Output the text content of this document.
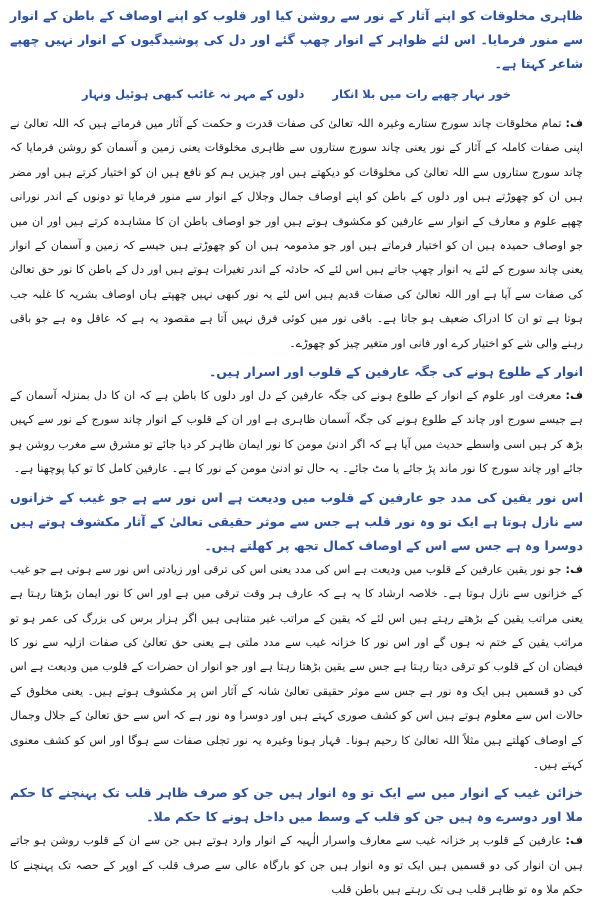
ظاہری مخلوقات کو اپنے آثار کے نور سے روشن کیا اور قلوب کو اپنے اوصاف کے باطن کے انوار سے منور فرمایا۔ اس لئے ظواہر کے انوار چھپ گئے اور دل کی پوشیدگیوں کے انوار نہیں چھپے شاعر کہتا ہے۔

خور نہار چھپے رات میں بلا انکار
دلوں کے مہر نہ غائب کبھی ہوئیل ونہار

ف:تمام مخلوقات چاند سورج ستارے وغیرہ اللہ تعالیٰ کی صفات قدرت و حکمت کے آثار میں فرماتے ہیں کہ اللہ تعالیٰ نے اپنی صفات کاملہ کے آثار کے نور یعنی چاند سورج ستاروں سے ظاہری مخلوقات یعنی زمین و آسمان کو روشن فرمایا کہ چاند سورج ستاروں سے اللہ تعالیٰ کی مخلوقات کو دیکھتے ہیں اور چیزیں ہم کو نافع ہیں ان کو اختیار کرتے ہیں اور مضر ہیں ان کو چھوڑتے ہیں اور دلوں کے باطن کو اپنے اوصاف جمال وجلال کے انوار سے منور فرمایا تو دونوں کے اندر نورانی چھپے علوم و معارف کے انوار سے عارفین کو مکشوف ہوتے ہیں اور جو اوصاف باطن ان کا مشاہدہ کرتے ہیں اور ان میں جو اوصاف حمیدہ ہیں ان کو اختیار فرماتے ہیں اور جو مذمومہ ہیں ان کو چھوڑتے ہیں جیسے کہ زمین و آسمان کے انوار یعنی چاند سورج کے لئے یہ انوار چھپ جاتے ہیں اس لئے کہ حادثہ کے اندر تغیرات ہوتے ہیں اور دل کے باطن کا نور حق تعالیٰ کی صفات سے آیا ہے اور اللہ تعالیٰ کی صفات قدیم ہیں اس لئے یہ نور کبھی نہیں چھپتے ہاں اوصاف بشریہ کا غلبہ جب ہوتا ہے تو ان کا ادراک ضعیف ہو جاتا ہے۔ باقی نور میں کوئی فرق نہیں آتا ہے مقصود یہ ہے کہ عاقل وہ ہے جو باقی رہنے والی شے کو اختیار کرے اور فانی اور متغیر چیز کو چھوڑے۔

انوار کے طلوع ہونے کی جگہ عارفین کے قلوب اور اسرار ہیں۔

ف:معرفت اور علوم کے انوار کے طلوع ہونے کی جگہ عارفین کے دل اور دلوں کا باطن ہے کہ ان کا دل بمنزلہ آسمان کے ہے جیسے سورج اور چاند کے طلوع ہونے کی جگہ آسمان ظاہری ہے اور ان کے قلوب کے انوار چاند سورج کے نور سے کہیں بڑھ کر ہیں اسی واسطے حدیث میں آیا ہے کہ اگر ادنیٰ مومن کا نور ایمان ظاہر کر دیا جائے تو مشرق سے مغرب روشن ہو جائے اور چاند سورج کا نور ماند پڑ جائے یا مٹ جائے۔ یہ حال تو ادنیٰ مومن کے نور کا ہے۔ عارفین کامل کا تو کیا پوچھنا ہے۔

اس نور یقین کی مدد جو عارفین کے قلوب میں ودیعت ہے اس نور سے ہے جو غیب کے خزانوں سے نازل ہوتا ہے ایک تو وہ نور قلب ہے جس سے موثر حقیقی تعالیٰ کے آثار مکشوف ہوتے ہیں دوسرا وہ ہے جس سے اس کے اوصاف کمال تجھ پر کھلتے ہیں۔

ف:جو نور یقین عارفین کے قلوب میں ودیعت ہے اس کی مدد یعنی اس کی ترقی اور زیادتی اس نور سے ہوتی ہے جو غیب کے خزانوں سے نازل ہوتا ہے۔ خلاصہ ارشاد کا یہ ہے کہ عارف ہر وقت ترقی میں ہے اور اس کا نور ایمان بڑھتا رہتا ہے یعنی مراتب یقین کے بڑھتے رہتے ہیں اس لئے کہ یقین کے مراتب غیر متناہی ہیں اگر ہزار برس کی بزرگ کی عمر ہو تو مراتب یقین کے ختم نہ ہوں گے اور اس نور کا خزانہ غیب سے مدد ملتی ہے یعنی حق تعالیٰ کی صفات ازلیہ سے نور کا فیضان ان کے قلوب کو ترقی دیتا رہتا ہے جس سے یقین بڑھتا رہتا ہے اور جو انوار ان حضرات کے قلوب میں ودیعت ہے اس کی دو قسمیں ہیں ایک وہ نور ہے جس سے موثر حقیقی تعالیٰ شانہ کے آثار اس پر مکشوف ہوتے ہیں۔ یعنی مخلوق کے حالات اس سے معلوم ہوتے ہیں اس کو کشف صوری کہتے ہیں اور دوسرا وہ نور ہے کہ اس سے حق تعالیٰ کے جلال وجمال کے اوصاف کھلتے ہیں مثلاً اللہ تعالیٰ کا رحیم ہونا۔ قہار ہونا وغیرہ یہ نور تجلی صفات سے ہوگا اور اس کو کشف معنوی کہتے ہیں۔

خزائن غیب کے انوار میں سے ایک تو وہ انوار ہیں جن کو صرف ظاہر قلب تک پہنچنے کا حکم ملا اور دوسرے وہ ہیں جن کو قلب کے وسط میں داخل ہونے کا حکم ملا۔

ف:عارفین کے قلوب پر خزانہ غیب سے معارف واسرار الٰہیہ کے انوار وارد ہوتے ہیں جن سے ان کے قلوب روشن ہو جاتے ہیں ان انوار کی دو قسمیں ہیں ایک تو وہ انوار ہیں جن کو بارگاہ عالی سے صرف قلب کے اوپر کے حصہ تک پہنچنے کا حکم ملا وہ تو ظاہر قلب ہی تک رہتے ہیں باطن قلب
